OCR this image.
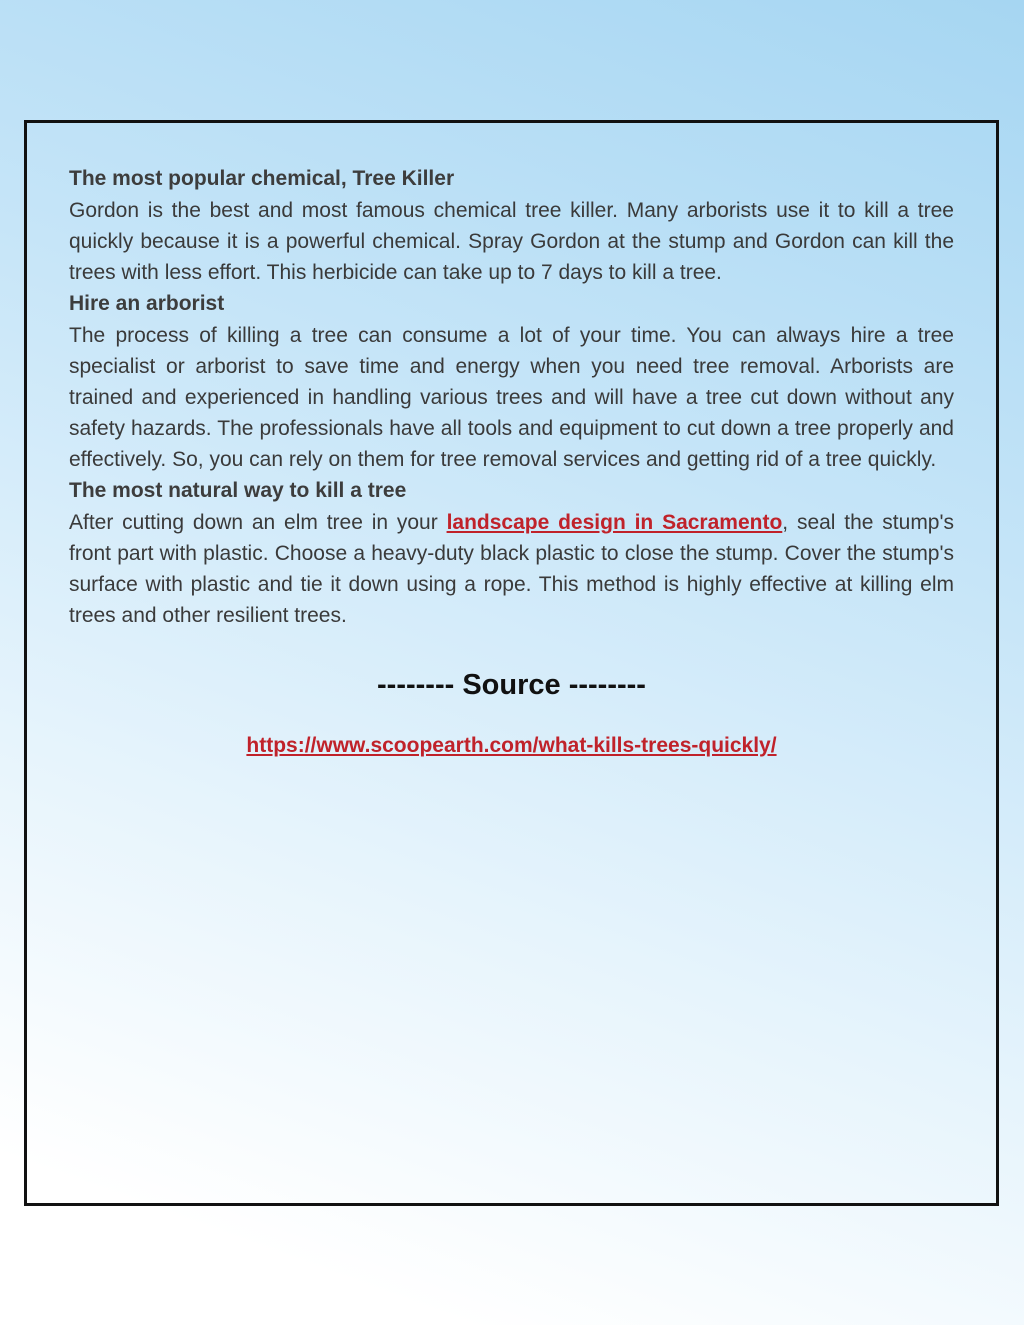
The most popular chemical, Tree Killer

Gordon is the best and most famous chemical tree killer. Many arborists use it to kill a tree quickly because it is a powerful chemical. Spray Gordon at the stump and Gordon can kill the trees with less effort. This herbicide can take up to 7 days to kill a tree.

Hire an arborist

The process of killing a tree can consume a lot of your time. You can always hire a tree specialist or arborist to save time and energy when you need tree removal. Arborists are trained and experienced in handling various trees and will have a tree cut down without any safety hazards. The professionals have all tools and equipment to cut down a tree properly and effectively. So, you can rely on them for tree removal services and getting rid of a tree quickly.

The most natural way to kill a tree

After cutting down an elm tree in your landscape design in Sacramento, seal the stump's front part with plastic. Choose a heavy-duty black plastic to close the stump. Cover the stump's surface with plastic and tie it down using a rope. This method is highly effective at killing elm trees and other resilient trees.

-------- Source --------
https://www.scoopearth.com/what-kills-trees-quickly/
